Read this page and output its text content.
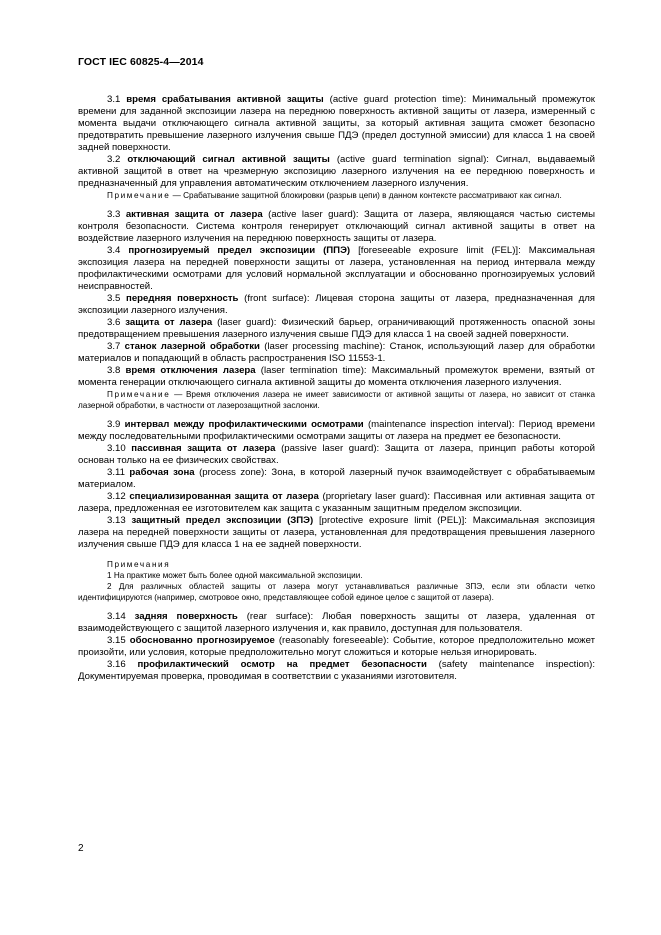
ГОСТ IEC 60825-4—2014

3.1 время срабатывания активной защиты (active guard protection time): Минимальный промежуток времени для заданной экспозиции лазера на переднюю поверхность активной защиты от лазера, измеренный с момента выдачи отключающего сигнала активной защиты, за который активная защита сможет безопасно предотвратить превышение лазерного излучения свыше ПДЭ (предел доступной эмиссии) для класса 1 на своей задней поверхности.

3.2 отключающий сигнал активной защиты (active guard termination signal): Сигнал, выдаваемый активной защитой в ответ на чрезмерную экспозицию лазерного излучения на ее переднюю поверхность и предназначенный для управления автоматическим отключением лазерного излучения.

Примечание — Срабатывание защитной блокировки (разрыв цепи) в данном контексте рассматривают как сигнал.

3.3 активная защита от лазера (active laser guard): Защита от лазера, являющаяся частью системы контроля безопасности. Система контроля генерирует отключающий сигнал активной защиты в ответ на воздействие лазерного излучения на переднюю поверхность защиты от лазера.

3.4 прогнозируемый предел экспозиции (ППЭ) [foreseeable exposure limit (FEL)]: Максимальная экспозиция лазера на передней поверхности защиты от лазера, установленная на период интервала между профилактическими осмотрами для условий нормальной эксплуатации и обоснованно прогнозируемых условий неисправностей.

3.5 передняя поверхность (front surface): Лицевая сторона защиты от лазера, предназначенная для экспозиции лазерного излучения.

3.6 защита от лазера (laser guard): Физический барьер, ограничивающий протяженность опасной зоны предотвращением превышения лазерного излучения свыше ПДЭ для класса 1 на своей задней поверхности.

3.7 станок лазерной обработки (laser processing machine): Станок, использующий лазер для обработки материалов и попадающий в область распространения ISO 11553-1.

3.8 время отключения лазера (laser termination time): Максимальный промежуток времени, взятый от момента генерации отключающего сигнала активной защиты до момента отключения лазерного излучения.

Примечание — Время отключения лазера не имеет зависимости от активной защиты от лазера, но зависит от станка лазерной обработки, в частности от лазерозащитной заслонки.

3.9 интервал между профилактическими осмотрами (maintenance inspection interval): Период времени между последовательными профилактическими осмотрами защиты от лазера на предмет ее безопасности.

3.10 пассивная защита от лазера (passive laser guard): Защита от лазера, принцип работы которой основан только на ее физических свойствах.

3.11 рабочая зона (process zone): Зона, в которой лазерный пучок взаимодействует с обрабатываемым материалом.

3.12 специализированная защита от лазера (proprietary laser guard): Пассивная или активная защита от лазера, предложенная ее изготовителем как защита с указанным защитным пределом экспозиции.

3.13 защитный предел экспозиции (ЗПЭ) [protective exposure limit (PEL)]: Максимальная экспозиция лазера на передней поверхности защиты от лазера, установленная для предотвращения превышения лазерного излучения свыше ПДЭ для класса 1 на ее задней поверхности.

Примечания

1 На практике может быть более одной максимальной экспозиции.

2 Для различных областей защиты от лазера могут устанавливаться различные ЗПЭ, если эти области четко идентифицируются (например, смотровое окно, представляющее собой единое целое с защитой от лазера).

3.14 задняя поверхность (rear surface): Любая поверхность защиты от лазера, удаленная от взаимодействующего с защитой лазерного излучения и, как правило, доступная для пользователя.

3.15 обоснованно прогнозируемое (reasonably foreseeable): Событие, которое предположительно может произойти, или условия, которые предположительно могут сложиться и которые нельзя игнорировать.

3.16 профилактический осмотр на предмет безопасности (safety maintenance inspection): Документируемая проверка, проводимая в соответствии с указаниями изготовителя.

2
